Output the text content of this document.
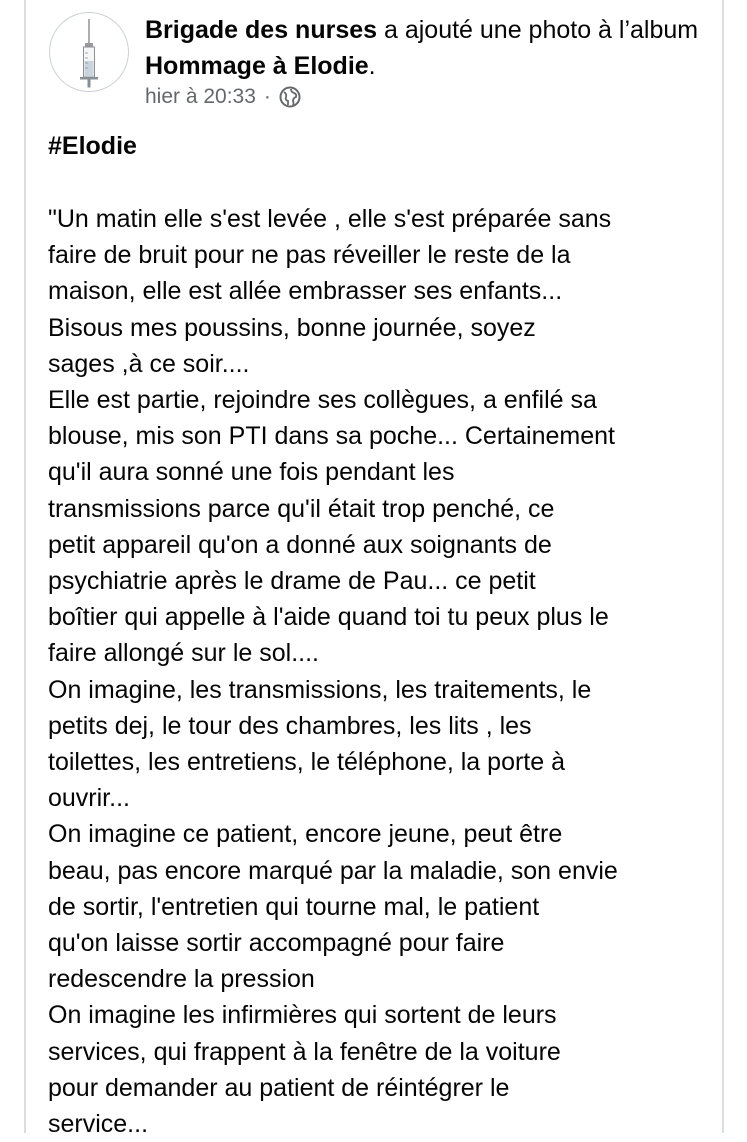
Brigade des nurses a ajouté une photo à l’album Hommage à Elodie.
hier à 20:33 ·
#Elodie
"Un matin elle s'est levée , elle s'est préparée sans
faire de bruit pour ne pas réveiller le reste de la
maison, elle est allée embrasser ses enfants...
Bisous mes poussins, bonne journée, soyez
sages ,à ce soir....
Elle est partie, rejoindre ses collègues, a enfilé sa
blouse, mis son PTI dans sa poche... Certainement
qu'il aura sonné une fois pendant les
transmissions parce qu'il était trop penché, ce
petit appareil qu'on a donné aux soignants de
psychiatrie après le drame de Pau... ce petit
boîtier qui appelle à l'aide quand toi tu peux plus le
faire allongé sur le sol....
On imagine, les transmissions, les traitements, le
petits dej, le tour des chambres, les lits , les
toilettes, les entretiens, le téléphone, la porte à
ouvrir...
On imagine ce patient, encore jeune, peut être
beau, pas encore marqué par la maladie, son envie
de sortir, l'entretien qui tourne mal, le patient
qu'on laisse sortir accompagné pour faire
redescendre la pression
On imagine les infirmières qui sortent de leurs
services, qui frappent à la fenêtre de la voiture
pour demander au patient de réintégrer le
service...
